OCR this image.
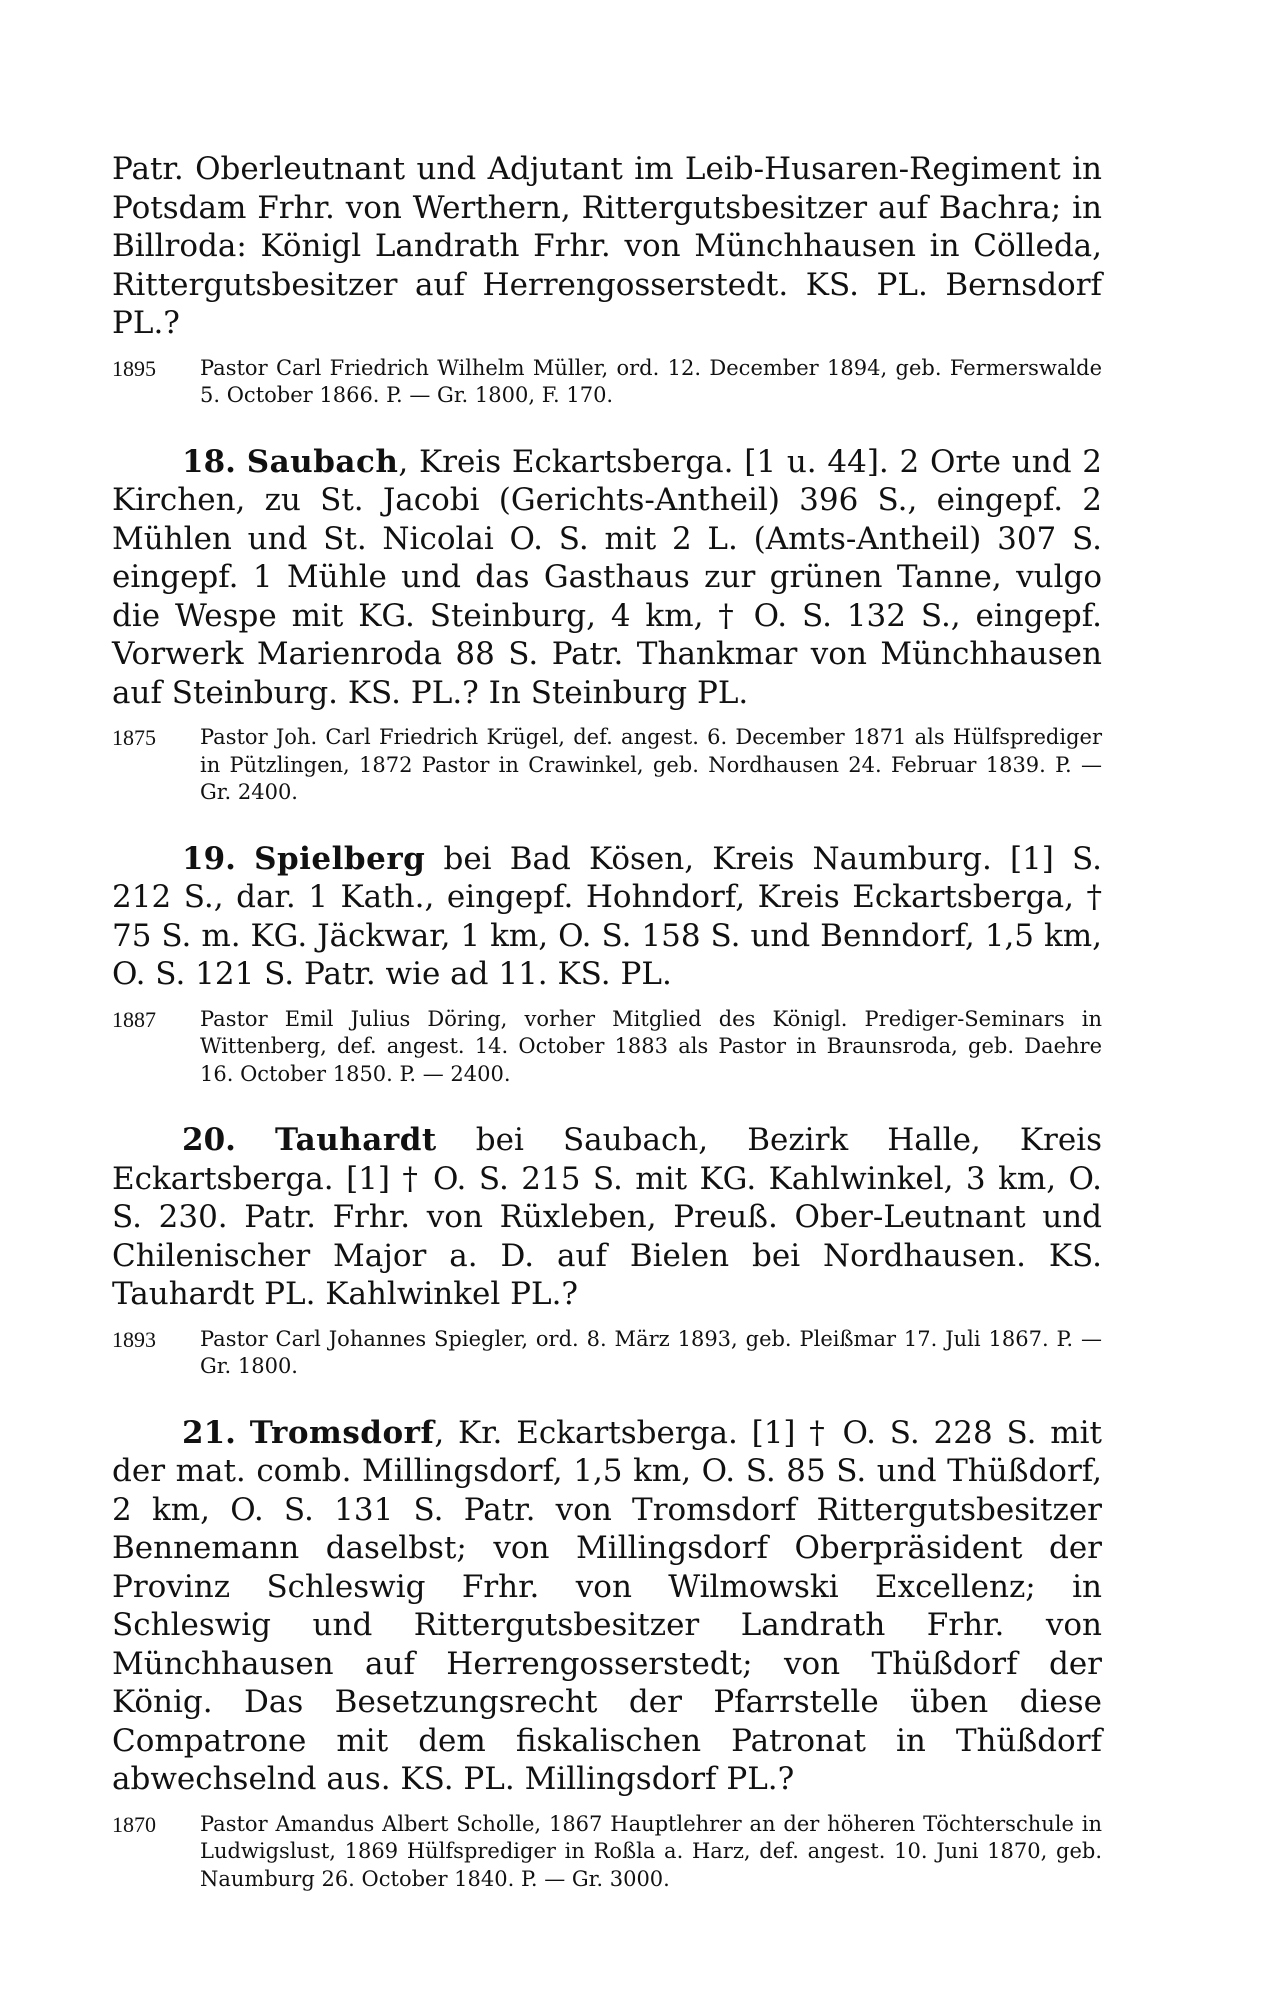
Patr. Oberleutnant und Adjutant im Leib-Husaren-Regiment in Potsdam Frhr. von Werthern, Rittergutsbesitzer auf Bachra; in Billroda: Königl Landrath Frhr. von Münchhausen in Cölleda, Rittergutsbesitzer auf Herrengosserstedt. KS. PL. Bernsdorf PL.?

1895	Pastor Carl Friedrich Wilhelm Müller, ord. 12. December 1894, geb. Fermerswalde 5. October 1866. P. — Gr. 1800, F. 170.

18. Saubach, Kreis Eckartsberga. [1 u. 44]. 2 Orte und 2 Kirchen, zu St. Jacobi (Gerichts-Antheil) 396 S., eingepf. 2 Mühlen und St. Nicolai O. S. mit 2 L. (Amts-Antheil) 307 S. eingepf. 1 Mühle und das Gasthaus zur grünen Tanne, vulgo die Wespe mit KG. Steinburg, 4 km, † O. S. 132 S., eingepf. Vorwerk Marienroda 88 S. Patr. Thankmar von Münchhausen auf Steinburg. KS. PL.? In Steinburg PL.

1875	Pastor Joh. Carl Friedrich Krügel, def. angest. 6. December 1871 als Hülfsprediger in Pützlingen, 1872 Pastor in Crawinkel, geb. Nordhausen 24. Februar 1839. P. — Gr. 2400.

19. Spielberg bei Bad Kösen, Kreis Naumburg. [1] S. 212 S., dar. 1 Kath., eingepf. Hohndorf, Kreis Eckartsberga, † 75 S. m. KG. Jäckwar, 1 km, O. S. 158 S. und Benndorf, 1,5 km, O. S. 121 S. Patr. wie ad 11. KS. PL.

1887	Pastor Emil Julius Döring, vorher Mitglied des Königl. Prediger-Seminars in Wittenberg, def. angest. 14. October 1883 als Pastor in Braunsroda, geb. Daehre 16. October 1850. P. — 2400.

20. Tauhardt bei Saubach, Bezirk Halle, Kreis Eckartsberga. [1] † O. S. 215 S. mit KG. Kahlwinkel, 3 km, O. S. 230. Patr. Frhr. von Rüxleben, Preuß. Ober-Leutnant und Chilenischer Major a. D. auf Bielen bei Nordhausen. KS. Tauhardt PL. Kahlwinkel PL.?

1893	Pastor Carl Johannes Spiegler, ord. 8. März 1893, geb. Pleißmar 17. Juli 1867. P. — Gr. 1800.

21. Tromsdorf, Kr. Eckartsberga. [1] † O. S. 228 S. mit der mat. comb. Millingsdorf, 1,5 km, O. S. 85 S. und Thüßdorf, 2 km, O. S. 131 S. Patr. von Tromsdorf Rittergutsbesitzer Bennemann daselbst; von Millingsdorf Oberpräsident der Provinz Schleswig Frhr. von Wilmowski Excellenz; in Schleswig und Rittergutsbesitzer Landrath Frhr. von Münchhausen auf Herrengosserstedt; von Thüßdorf der König. Das Besetzungsrecht der Pfarrstelle üben diese Compatrone mit dem fiskalischen Patronat in Thüßdorf abwechselnd aus. KS. PL. Millingsdorf PL.?

1870	Pastor Amandus Albert Scholle, 1867 Hauptlehrer an der höheren Töchterschule in Ludwigslust, 1869 Hülfsprediger in Roßla a. Harz, def. angest. 10. Juni 1870, geb. Naumburg 26. October 1840. P. — Gr. 3000.
